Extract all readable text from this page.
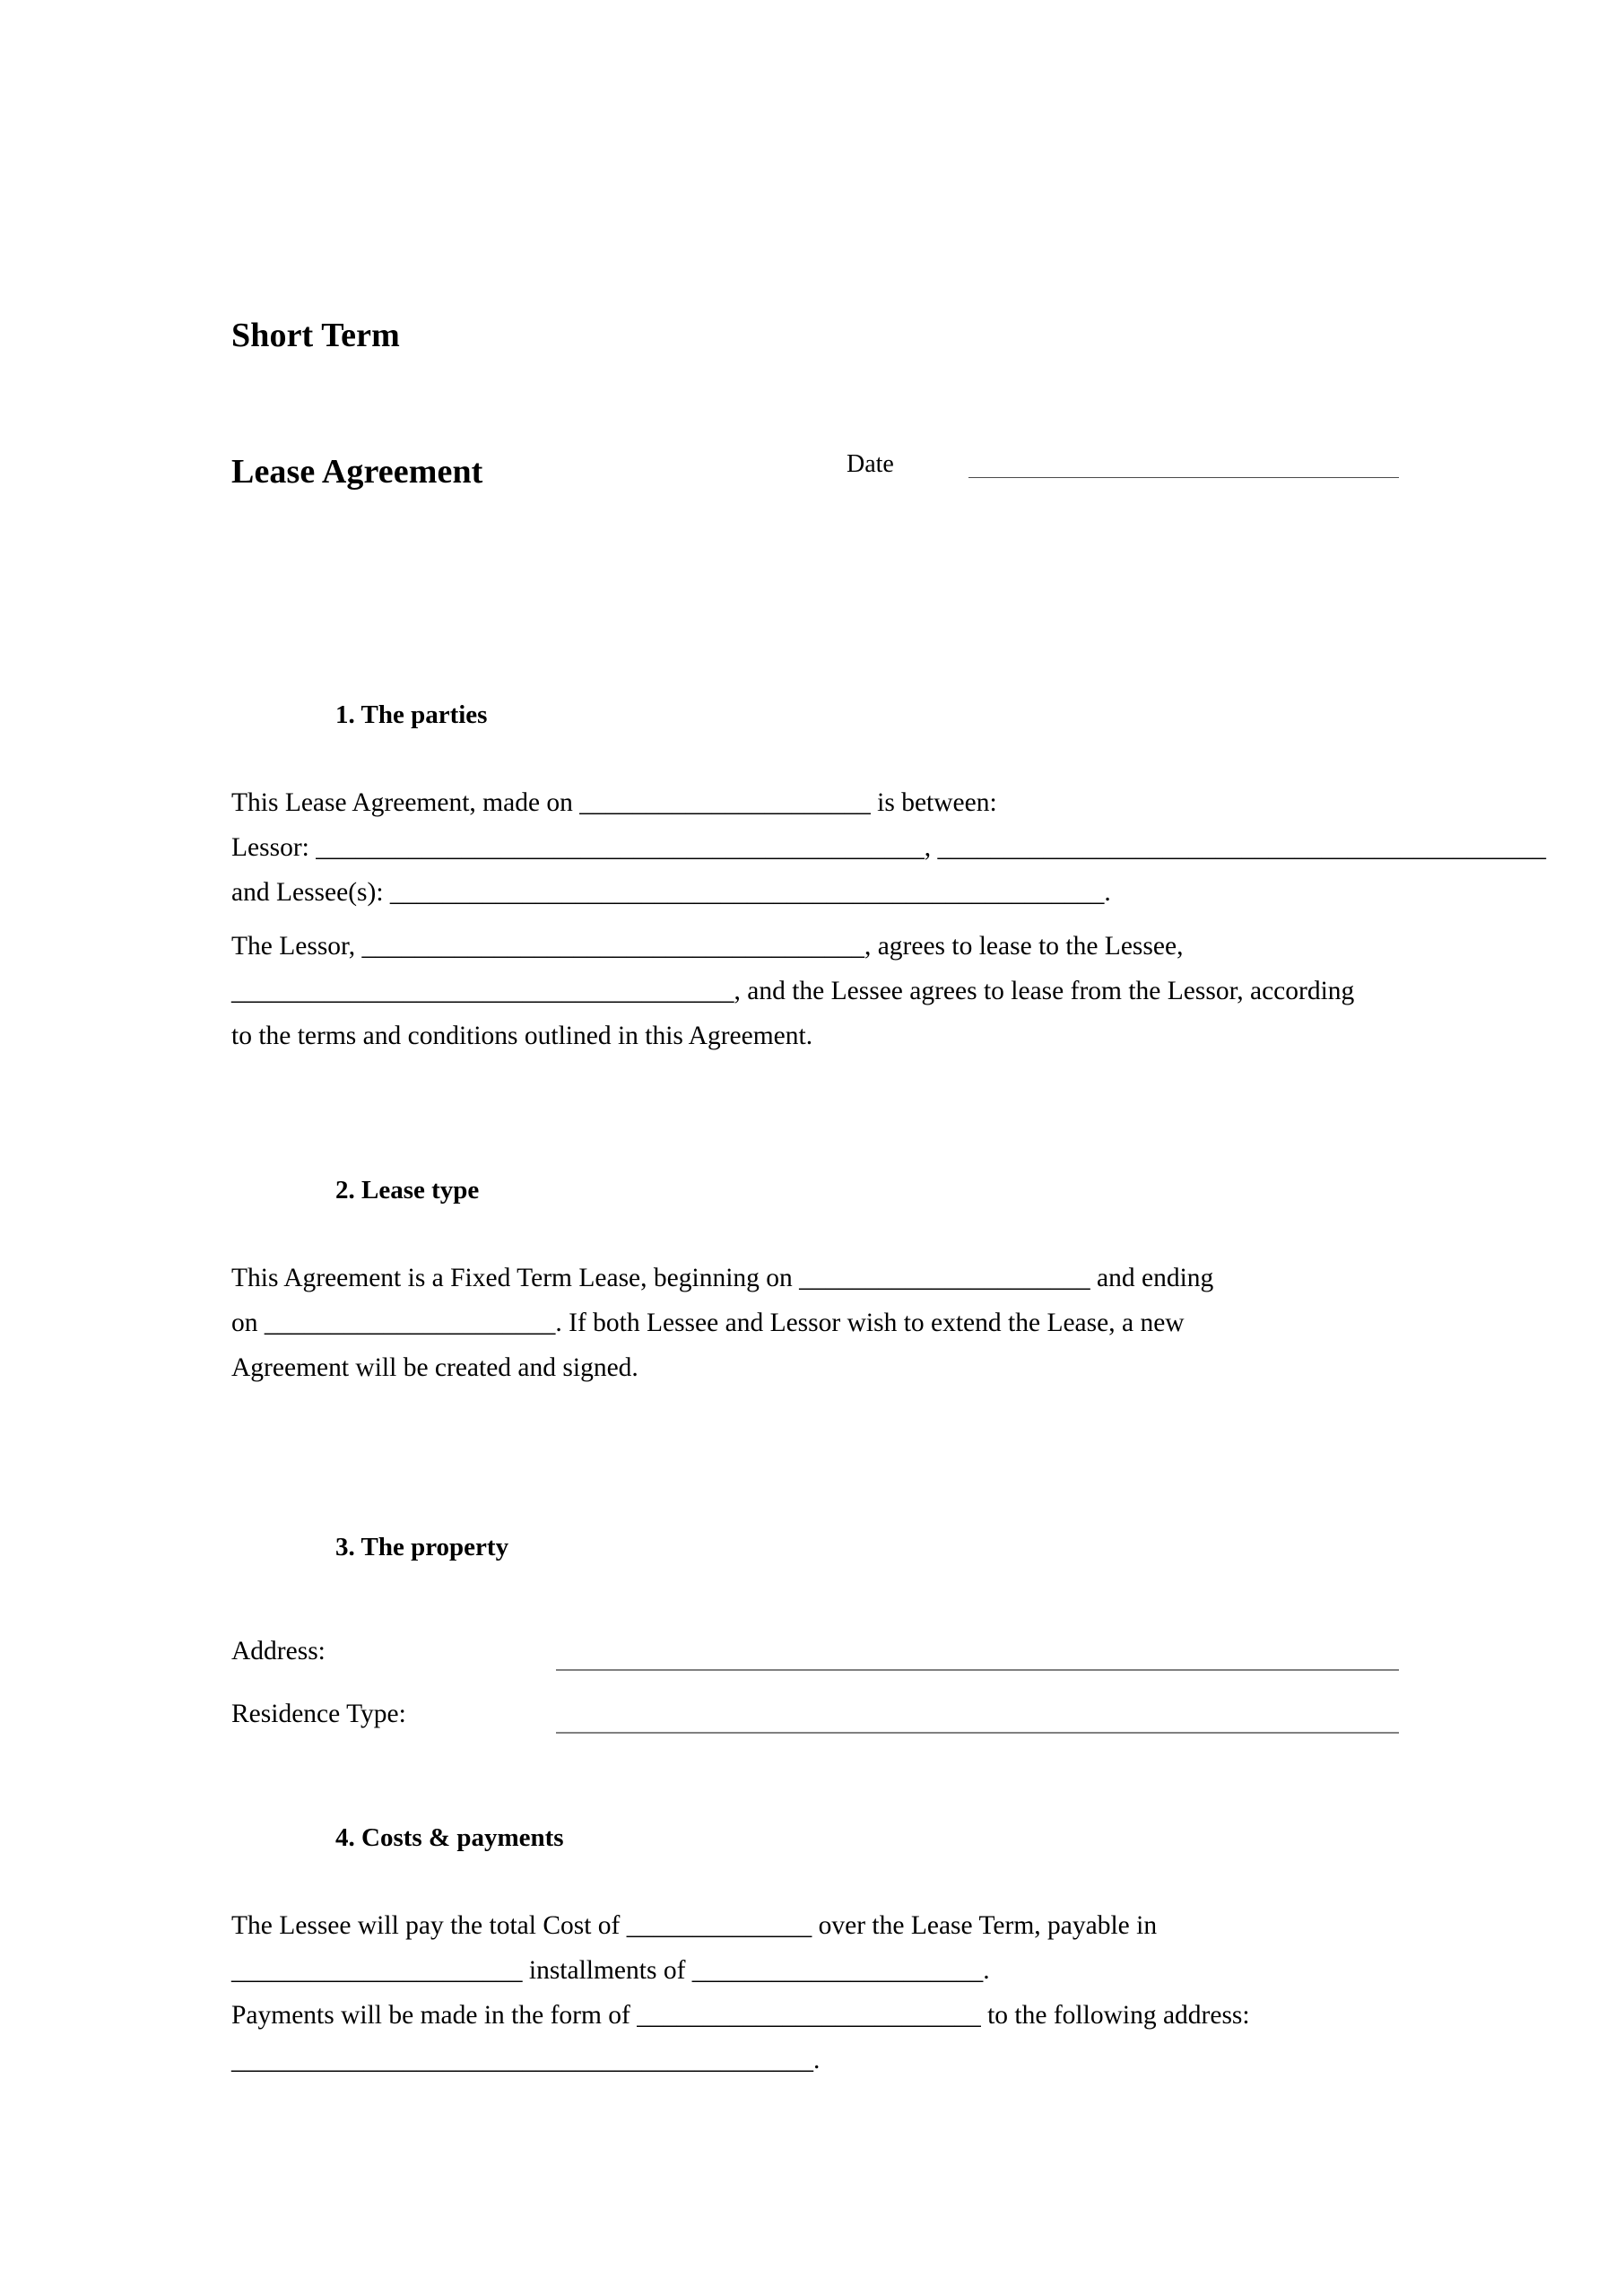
Short Term

Lease Agreement

	Date
1. The parties
This Lease Agreement, made on ______________________ is between:
Lessor: ______________________________________________, ______________________________________________
and Lessee(s): ______________________________________________________.
The Lessor, ______________________________________, agrees to lease to the Lessee,
______________________________________, and the Lessee agrees to lease from the Lessor, according
to the terms and conditions outlined in this Agreement.
2. Lease type
This Agreement is a Fixed Term Lease, beginning on ______________________ and ending
on ______________________. If both Lessee and Lessor wish to extend the Lease, a new
Agreement will be created and signed.
3. The property
Address:
Residence Type:
4. Costs & payments
The Lessee will pay the total Cost of ______________ over the Lease Term, payable in
______________________ installments of ______________________.
Payments will be made in the form of __________________________ to the following address:
____________________________________________.
